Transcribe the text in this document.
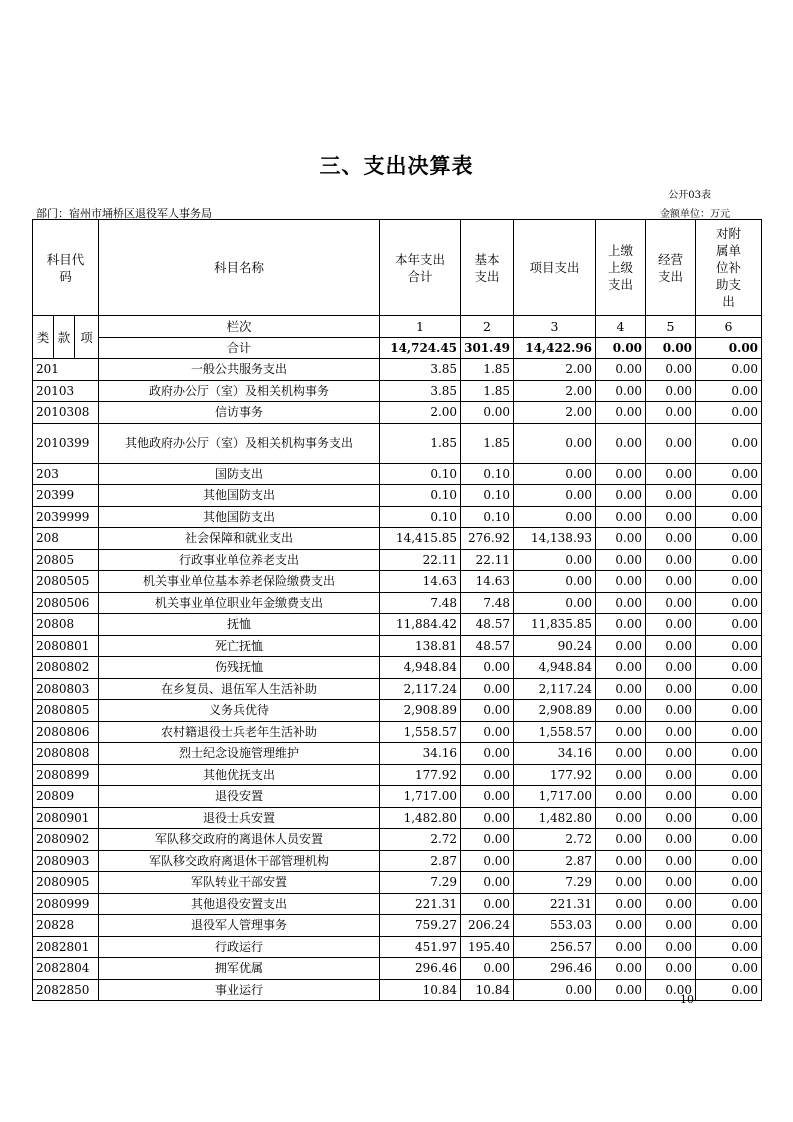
三、支出决算表
公开03表
部门：宿州市埇桥区退役军人事务局	金额单位：万元
科目代码			科目名称	本年支出合计	基本支出	项目支出	上缴上级支出	经营支出	对附属单位补助支出
类	款	项	栏次	1	2	3	4	5	6
			合计	14,724.45	301.49	14,422.96	0.00	0.00	0.00
201			一般公共服务支出	3.85	1.85	2.00	0.00	0.00	0.00
20103			政府办公厅（室）及相关机构事务	3.85	1.85	2.00	0.00	0.00	0.00
2010308			信访事务	2.00	0.00	2.00	0.00	0.00	0.00
2010399			其他政府办公厅（室）及相关机构事务支出	1.85	1.85	0.00	0.00	0.00	0.00
203			国防支出	0.10	0.10	0.00	0.00	0.00	0.00
20399			其他国防支出	0.10	0.10	0.00	0.00	0.00	0.00
2039999			其他国防支出	0.10	0.10	0.00	0.00	0.00	0.00
208			社会保障和就业支出	14,415.85	276.92	14,138.93	0.00	0.00	0.00
20805			行政事业单位养老支出	22.11	22.11	0.00	0.00	0.00	0.00
2080505			机关事业单位基本养老保险缴费支出	14.63	14.63	0.00	0.00	0.00	0.00
2080506			机关事业单位职业年金缴费支出	7.48	7.48	0.00	0.00	0.00	0.00
20808			抚恤	11,884.42	48.57	11,835.85	0.00	0.00	0.00
2080801			死亡抚恤	138.81	48.57	90.24	0.00	0.00	0.00
2080802			伤残抚恤	4,948.84	0.00	4,948.84	0.00	0.00	0.00
2080803			在乡复员、退伍军人生活补助	2,117.24	0.00	2,117.24	0.00	0.00	0.00
2080805			义务兵优待	2,908.89	0.00	2,908.89	0.00	0.00	0.00
2080806			农村籍退役士兵老年生活补助	1,558.57	0.00	1,558.57	0.00	0.00	0.00
2080808			烈士纪念设施管理维护	34.16	0.00	34.16	0.00	0.00	0.00
2080899			其他优抚支出	177.92	0.00	177.92	0.00	0.00	0.00
20809			退役安置	1,717.00	0.00	1,717.00	0.00	0.00	0.00
2080901			退役士兵安置	1,482.80	0.00	1,482.80	0.00	0.00	0.00
2080902			军队移交政府的离退休人员安置	2.72	0.00	2.72	0.00	0.00	0.00
2080903			军队移交政府离退休干部管理机构	2.87	0.00	2.87	0.00	0.00	0.00
2080905			军队转业干部安置	7.29	0.00	7.29	0.00	0.00	0.00
2080999			其他退役安置支出	221.31	0.00	221.31	0.00	0.00	0.00
20828			退役军人管理事务	759.27	206.24	553.03	0.00	0.00	0.00
2082801			行政运行	451.97	195.40	256.57	0.00	0.00	0.00
2082804			拥军优属	296.46	0.00	296.46	0.00	0.00	0.00
2082850			事业运行	10.84	10.84	0.00	0.00	0.00	0.00
10
